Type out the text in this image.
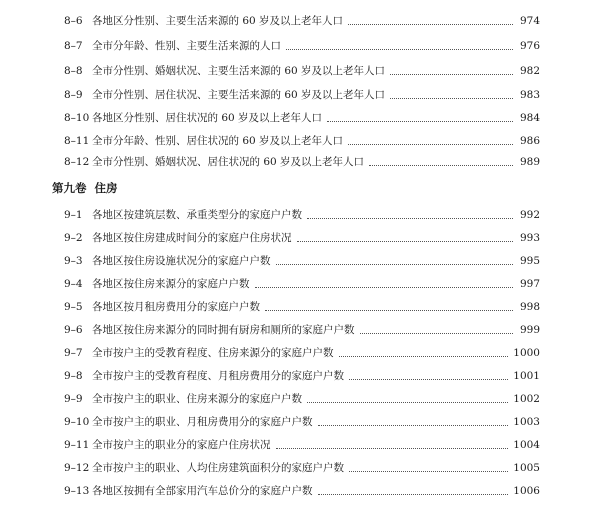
8–6 各地区分性别、主要生活来源的 60 岁及以上老年人口	974
8–7 全市分年龄、性别、主要生活来源的人口	976
8–8 全市分性别、婚姻状况、主要生活来源的 60 岁及以上老年人口	982
8–9 全市分性别、居住状况、主要生活来源的 60 岁及以上老年人口	983
8–10 各地区分性别、居住状况的 60 岁及以上老年人口	984
8–11 全市分年龄、性别、居住状况的 60 岁及以上老年人口	986
8–12 全市分性别、婚姻状况、居住状况的 60 岁及以上老年人口	989
第九卷 住房
9–1 各地区按建筑层数、承重类型分的家庭户户数	992
9–2 各地区按住房建成时间分的家庭户住房状况	993
9–3 各地区按住房设施状况分的家庭户户数	995
9–4 各地区按住房来源分的家庭户户数	997
9–5 各地区按月租房费用分的家庭户户数	998
9–6 各地区按住房来源分的同时拥有厨房和厕所的家庭户户数	999
9–7 全市按户主的受教育程度、住房来源分的家庭户户数	1000
9–8 全市按户主的受教育程度、月租房费用分的家庭户户数	1001
9–9 全市按户主的职业、住房来源分的家庭户户数	1002
9–10 全市按户主的职业、月租房费用分的家庭户户数	1003
9–11 全市按户主的职业分的家庭户住房状况	1004
9–12 全市按户主的职业、人均住房建筑面积分的家庭户户数	1005
9–13 各地区按拥有全部家用汽车总价分的家庭户户数	1006
